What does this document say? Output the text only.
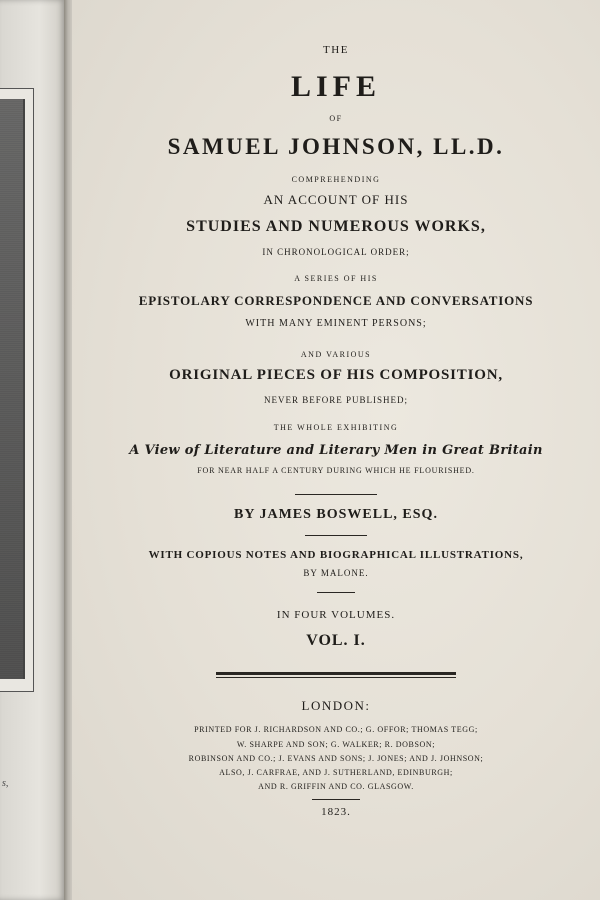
s,
THE
LIFE
OF
SAMUEL JOHNSON, LL.D.
COMPREHENDING
AN ACCOUNT OF HIS
STUDIES AND NUMEROUS WORKS,
IN CHRONOLOGICAL ORDER;
A SERIES OF HIS
EPISTOLARY CORRESPONDENCE AND CONVERSATIONS
WITH MANY EMINENT PERSONS;
AND VARIOUS
ORIGINAL PIECES OF HIS COMPOSITION,
NEVER BEFORE PUBLISHED;
THE WHOLE EXHIBITING
A View of Literature and Literary Men in Great Britain
FOR NEAR HALF A CENTURY DURING WHICH HE FLOURISHED.
BY JAMES BOSWELL, ESQ.
WITH COPIOUS NOTES AND BIOGRAPHICAL ILLUSTRATIONS,
BY MALONE.
IN FOUR VOLUMES.
VOL. I.
LONDON:
PRINTED FOR J. RICHARDSON AND CO.; G. OFFOR; THOMAS TEGG;
W. SHARPE AND SON; G. WALKER; R. DOBSON;
ROBINSON AND CO.; J. EVANS AND SONS; J. JONES; AND J. JOHNSON;
ALSO, J. CARFRAE, AND J. SUTHERLAND, EDINBURGH;
AND R. GRIFFIN AND CO. GLASGOW.
1823.
